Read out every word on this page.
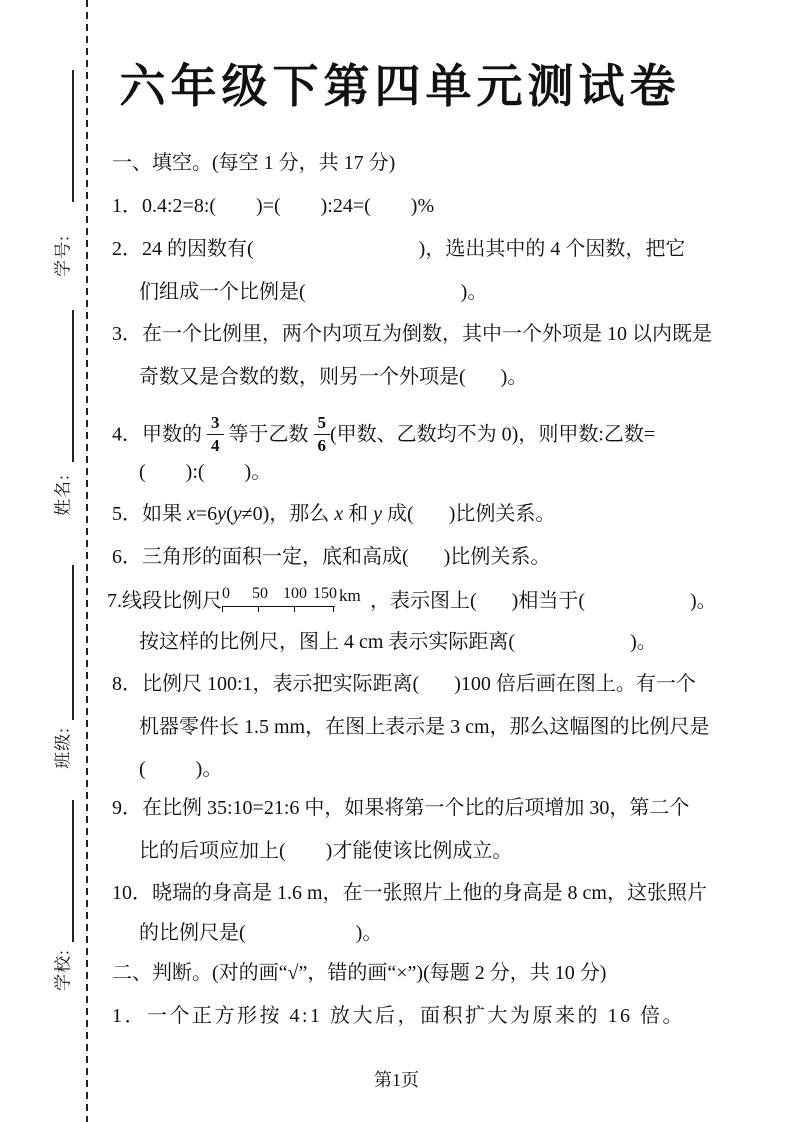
学号:
姓名:
班级:
学校:
六年级下第四单元测试卷
一、填空。(每空 1 分，共 17 分)
1．0.4:2=8:(        )=(        ):24=(        )%
2．24 的因数有(                                 )，选出其中的 4 个因数，把它
们组成一个比例是(                               )。
3．在一个比例里，两个内项互为倒数，其中一个外项是 10 以内既是
奇数又是合数的数，则另一个外项是(       )。
4．甲数的 $\frac{3}{4}$ 等于乙数 $\frac{5}{6}$ (甲数、乙数均不为 0)，则甲数:乙数=
(        ):(        )。
5．如果 x=6y(y≠0)，那么 x 和 y 成(       )比例关系。
6．三角形的面积一定，底和高成(       )比例关系。
7.线段比例尺 0 50 100 150 km ，表示图上(       )相当于(                     )。
按这样的比例尺，图上 4 cm 表示实际距离(                       )。
8．比例尺 100:1，表示把实际距离(       )100 倍后画在图上。有一个
机器零件长 1.5 mm，在图上表示是 3 cm，那么这幅图的比例尺是
(          )。
9．在比例 35:10=21:6 中，如果将第一个比的后项增加 30，第二个
比的后项应加上(        )才能使该比例成立。
10．晓瑞的身高是 1.6 m，在一张照片上他的身高是 8 cm，这张照片
的比例尺是(                      )。
二、判断。(对的画“√”，错的画“×”)(每题 2 分，共 10 分)
1．一个正方形按 4:1 放大后，面积扩大为原来的 16 倍。
第1页
